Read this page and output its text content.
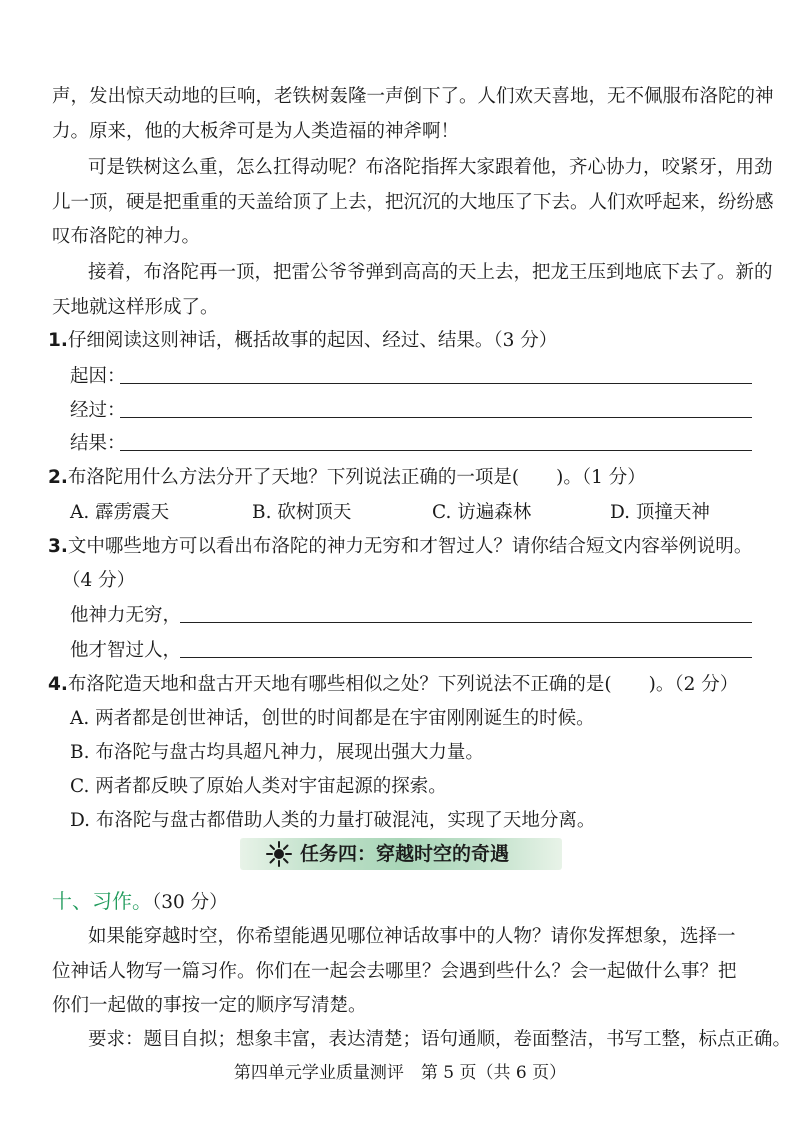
声，发出惊天动地的巨响，老铁树轰隆一声倒下了。人们欢天喜地，无不佩服布洛陀的神
力。原来，他的大板斧可是为人类造福的神斧啊！
可是铁树这么重，怎么扛得动呢？布洛陀指挥大家跟着他，齐心协力，咬紧牙，用劲
儿一顶，硬是把重重的天盖给顶了上去，把沉沉的大地压了下去。人们欢呼起来，纷纷感
叹布洛陀的神力。
接着，布洛陀再一顶，把雷公爷爷弹到高高的天上去，把龙王压到地底下去了。新的
天地就这样形成了。
1.仔细阅读这则神话，概括故事的起因、经过、结果。（3 分）
起因：
经过：
结果：
2.布洛陀用什么方法分开了天地？下列说法正确的一项是(　　)。（1 分）
A. 霹雳震天	B. 砍树顶天	C. 访遍森林	D. 顶撞天神
3.文中哪些地方可以看出布洛陀的神力无穷和才智过人？请你结合短文内容举例说明。
（4 分）
他神力无穷，
他才智过人，
4.布洛陀造天地和盘古开天地有哪些相似之处？下列说法不正确的是(　　)。（2 分）
A. 两者都是创世神话，创世的时间都是在宇宙刚刚诞生的时候。
B. 布洛陀与盘古均具超凡神力，展现出强大力量。
C. 两者都反映了原始人类对宇宙起源的探索。
D. 布洛陀与盘古都借助人类的力量打破混沌，实现了天地分离。
任务四：穿越时空的奇遇
十、习作。（30 分）
如果能穿越时空，你希望能遇见哪位神话故事中的人物？请你发挥想象，选择一
位神话人物写一篇习作。你们在一起会去哪里？会遇到些什么？会一起做什么事？把
你们一起做的事按一定的顺序写清楚。
要求：题目自拟；想象丰富，表达清楚；语句通顺，卷面整洁，书写工整，标点正确。
第四单元学业质量测评　第 5 页（共 6 页）
